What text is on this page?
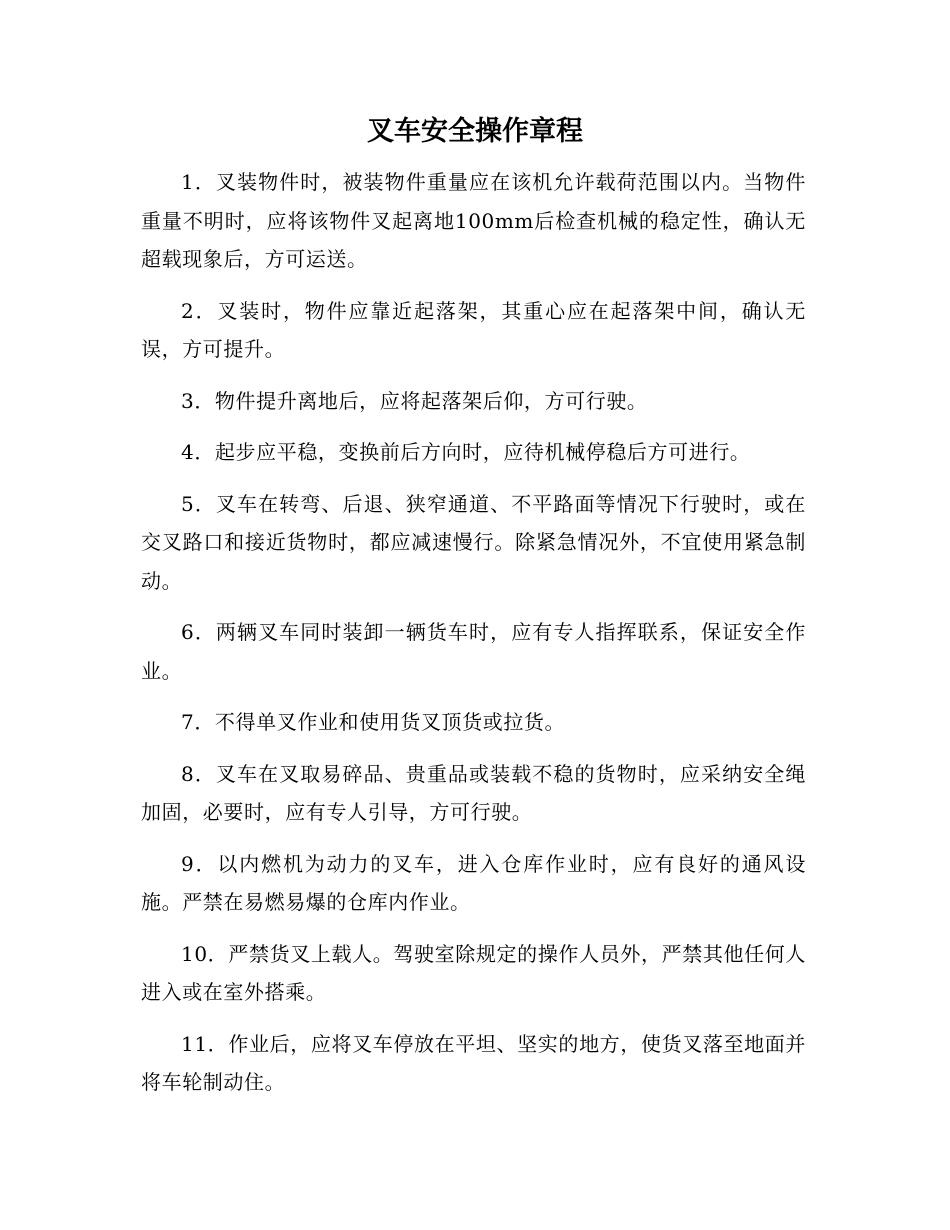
叉车安全操作章程

1．叉装物件时，被装物件重量应在该机允许载荷范围以内。当物件重量不明时，应将该物件叉起离地100mm后检查机械的稳定性，确认无超载现象后，方可运送。

2．叉装时，物件应靠近起落架，其重心应在起落架中间，确认无误，方可提升。

3．物件提升离地后，应将起落架后仰，方可行驶。

4．起步应平稳，变换前后方向时，应待机械停稳后方可进行。

5．叉车在转弯、后退、狭窄通道、不平路面等情况下行驶时，或在交叉路口和接近货物时，都应减速慢行。除紧急情况外，不宜使用紧急制动。

6．两辆叉车同时装卸一辆货车时，应有专人指挥联系，保证安全作业。

7．不得单叉作业和使用货叉顶货或拉货。

8．叉车在叉取易碎品、贵重品或装载不稳的货物时，应采纳安全绳加固，必要时，应有专人引导，方可行驶。

9．以内燃机为动力的叉车，进入仓库作业时，应有良好的通风设施。严禁在易燃易爆的仓库内作业。

10．严禁货叉上载人。驾驶室除规定的操作人员外，严禁其他任何人进入或在室外搭乘。

11．作业后，应将叉车停放在平坦、坚实的地方，使货叉落至地面并将车轮制动住。
